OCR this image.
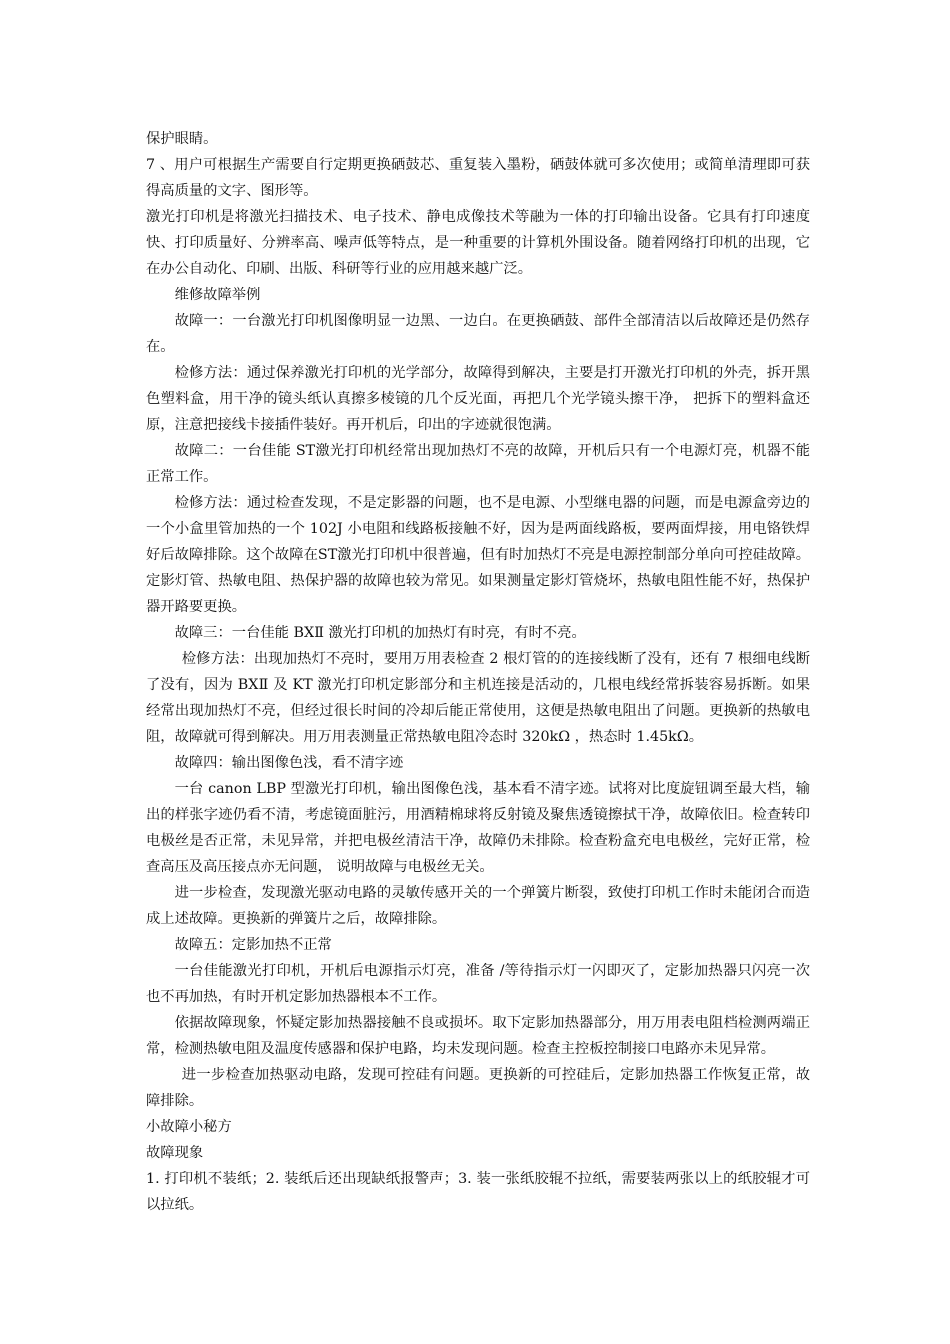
保护眼睛。

7 、用户可根据生产需要自行定期更换硒鼓芯、重复装入墨粉，硒鼓体就可多次使用；或简单清理即可获得高质量的文字、图形等。

激光打印机是将激光扫描技术、电子技术、静电成像技术等融为一体的打印输出设备。它具有打印速度快、打印质量好、分辨率高、噪声低等特点，是一种重要的计算机外围设备。随着网络打印机的出现，它在办公自动化、印刷、出版、科研等行业的应用越来越广泛。

维修故障举例

故障一：一台激光打印机图像明显一边黑、一边白。在更换硒鼓、部件全部清洁以后故障还是仍然存在。

检修方法：通过保养激光打印机的光学部分，故障得到解决，主要是打开激光打印机的外壳，拆开黑色塑料盒，用干净的镜头纸认真擦多棱镜的几个反光面，再把几个光学镜头擦干净， 把拆下的塑料盒还原，注意把接线卡接插件装好。再开机后，印出的字迹就很饱满。

故障二：一台佳能 ST激光打印机经常出现加热灯不亮的故障，开机后只有一个电源灯亮，机器不能正常工作。

检修方法：通过检查发现，不是定影器的问题，也不是电源、小型继电器的问题，而是电源盒旁边的一个小盒里管加热的一个 102J 小电阻和线路板接触不好，因为是两面线路板，要两面焊接，用电铬铁焊好后故障排除。这个故障在ST激光打印机中很普遍，但有时加热灯不亮是电源控制部分单向可控硅故障。定影灯管、热敏电阻、热保护器的故障也较为常见。如果测量定影灯管烧坏，热敏电阻性能不好，热保护器开路要更换。

故障三：一台佳能 BXⅡ 激光打印机的加热灯有时亮，有时不亮。

检修方法：出现加热灯不亮时，要用万用表检查 2 根灯管的的连接线断了没有，还有 7 根细电线断了没有，因为 BXⅡ 及 KT 激光打印机定影部分和主机连接是活动的，几根电线经常拆装容易拆断。如果经常出现加热灯不亮，但经过很长时间的冷却后能正常使用，这便是热敏电阻出了问题。更换新的热敏电阻，故障就可得到解决。用万用表测量正常热敏电阻冷态时 320kΩ ，热态时 1.45kΩ。

故障四：输出图像色浅，看不清字迹

一台 canon LBP 型激光打印机，输出图像色浅，基本看不清字迹。试将对比度旋钮调至最大档，输出的样张字迹仍看不清，考虑镜面脏污，用酒精棉球将反射镜及聚焦透镜擦拭干净，故障依旧。检查转印电极丝是否正常，未见异常，并把电极丝清洁干净，故障仍未排除。检查粉盒充电电极丝，完好正常，检查高压及高压接点亦无问题， 说明故障与电极丝无关。

进一步检查，发现激光驱动电路的灵敏传感开关的一个弹簧片断裂，致使打印机工作时未能闭合而造成上述故障。更换新的弹簧片之后，故障排除。

故障五：定影加热不正常

一台佳能激光打印机，开机后电源指示灯亮，准备 /等待指示灯一闪即灭了，定影加热器只闪亮一次也不再加热，有时开机定影加热器根本不工作。

依据故障现象，怀疑定影加热器接触不良或损坏。取下定影加热器部分，用万用表电阻档检测两端正常，检测热敏电阻及温度传感器和保护电路，均未发现问题。检查主控板控制接口电路亦未见异常。

进一步检查加热驱动电路，发现可控硅有问题。更换新的可控硅后，定影加热器工作恢复正常，故障排除。

小故障小秘方

故障现象

1. 打印机不装纸；2. 装纸后还出现缺纸报警声；3. 装一张纸胶辊不拉纸，需要装两张以上的纸胶辊才可以拉纸。
